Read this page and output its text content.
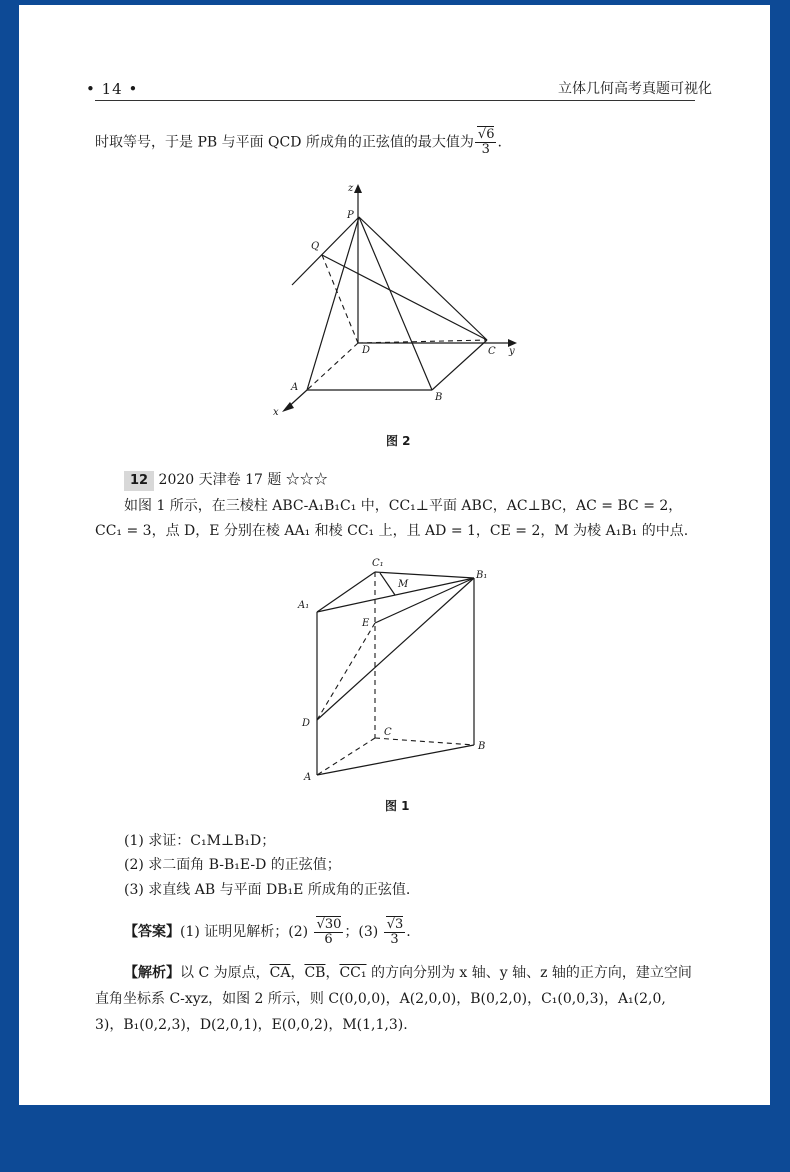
• 14 •	立体几何高考真题可视化
时取等号，于是 PB 与平面 QCD 所成角的正弦值的最大值为 $\frac{√6}{3}$ .
z
P
Q
D	C y
A
B
x
图 2
12 2020 天津卷 17 题 ☆☆☆
如图 1 所示，在三棱柱 ABC-A₁B₁C₁ 中，CC₁⊥平面 ABC，AC⊥BC，AC = BC = 2，
CC₁ = 3，点 D，E 分别在棱 AA₁ 和棱 CC₁ 上，且 AD = 1，CE = 2，M 为棱 A₁B₁ 的中点.
C₁
M
B₁
A₁
E
D
C
B
A
图 1
(1) 求证：C₁M⊥B₁D；
(2) 求二面角 B-B₁E-D 的正弦值；
(3) 求直线 AB 与平面 DB₁E 所成角的正弦值.
【答案】(1) 证明见解析；$(2) \frac{√30}{6}$ ；$(3) \frac{√3}{3}$ .
【解析】以 C 为原点，$\overline{CA}$，$\overline{CB}$，CC₁ 的方向分别为 x 轴、y 轴、z 轴的正方向，建立空间
直角坐标系 C-xyz，如图 2 所示，则 C(0,0,0)，A(2,0,0)，B(0,2,0)，C₁(0,0,3)，A₁(2,0,
3)，B₁(0,2,3)，D(2,0,1)，E(0,0,2)，M(1,1,3).
